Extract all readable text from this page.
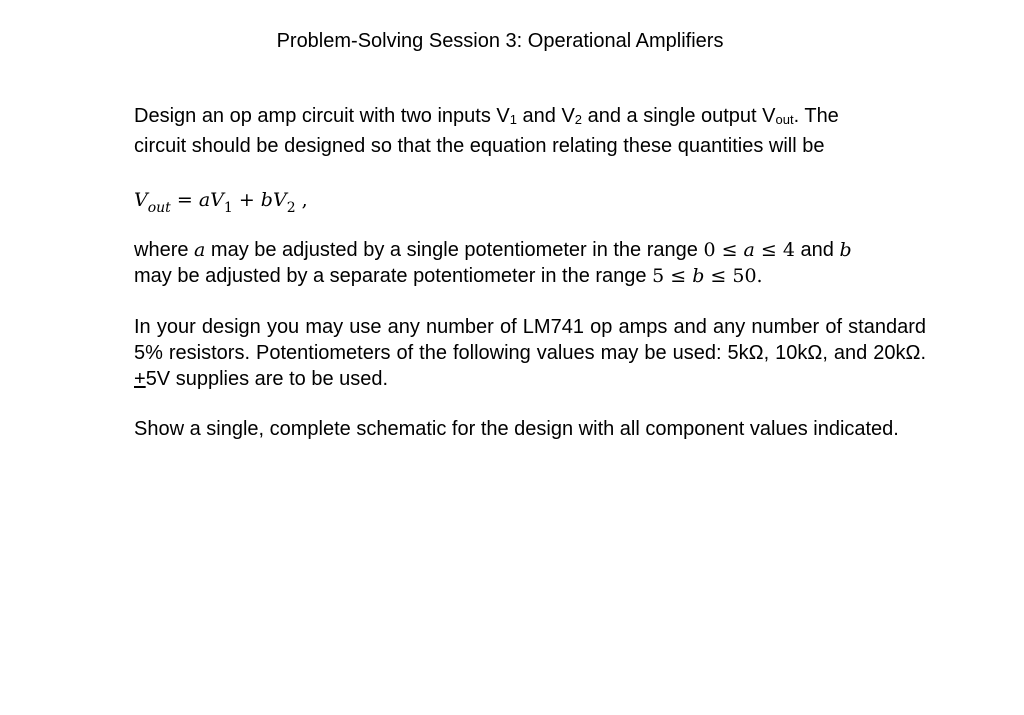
Problem-Solving Session 3: Operational Amplifiers

Design an op amp circuit with two inputs V1 and V2 and a single output Vout. The
circuit should be designed so that the equation relating these quantities will be

$V_{out} = aV_1 + bV_2$ ,

where a may be adjusted by a single potentiometer in the range 0 ≤ a ≤ 4 and b
may be adjusted by a separate potentiometer in the range 5 ≤ b ≤ 50.

In your design you may use any number of LM741 op amps and any number of standard 5% resistors. Potentiometers of the following values may be used: 5kΩ, 10kΩ, and 20kΩ. +5V supplies are to be used.

Show a single, complete schematic for the design with all component values indicated.
